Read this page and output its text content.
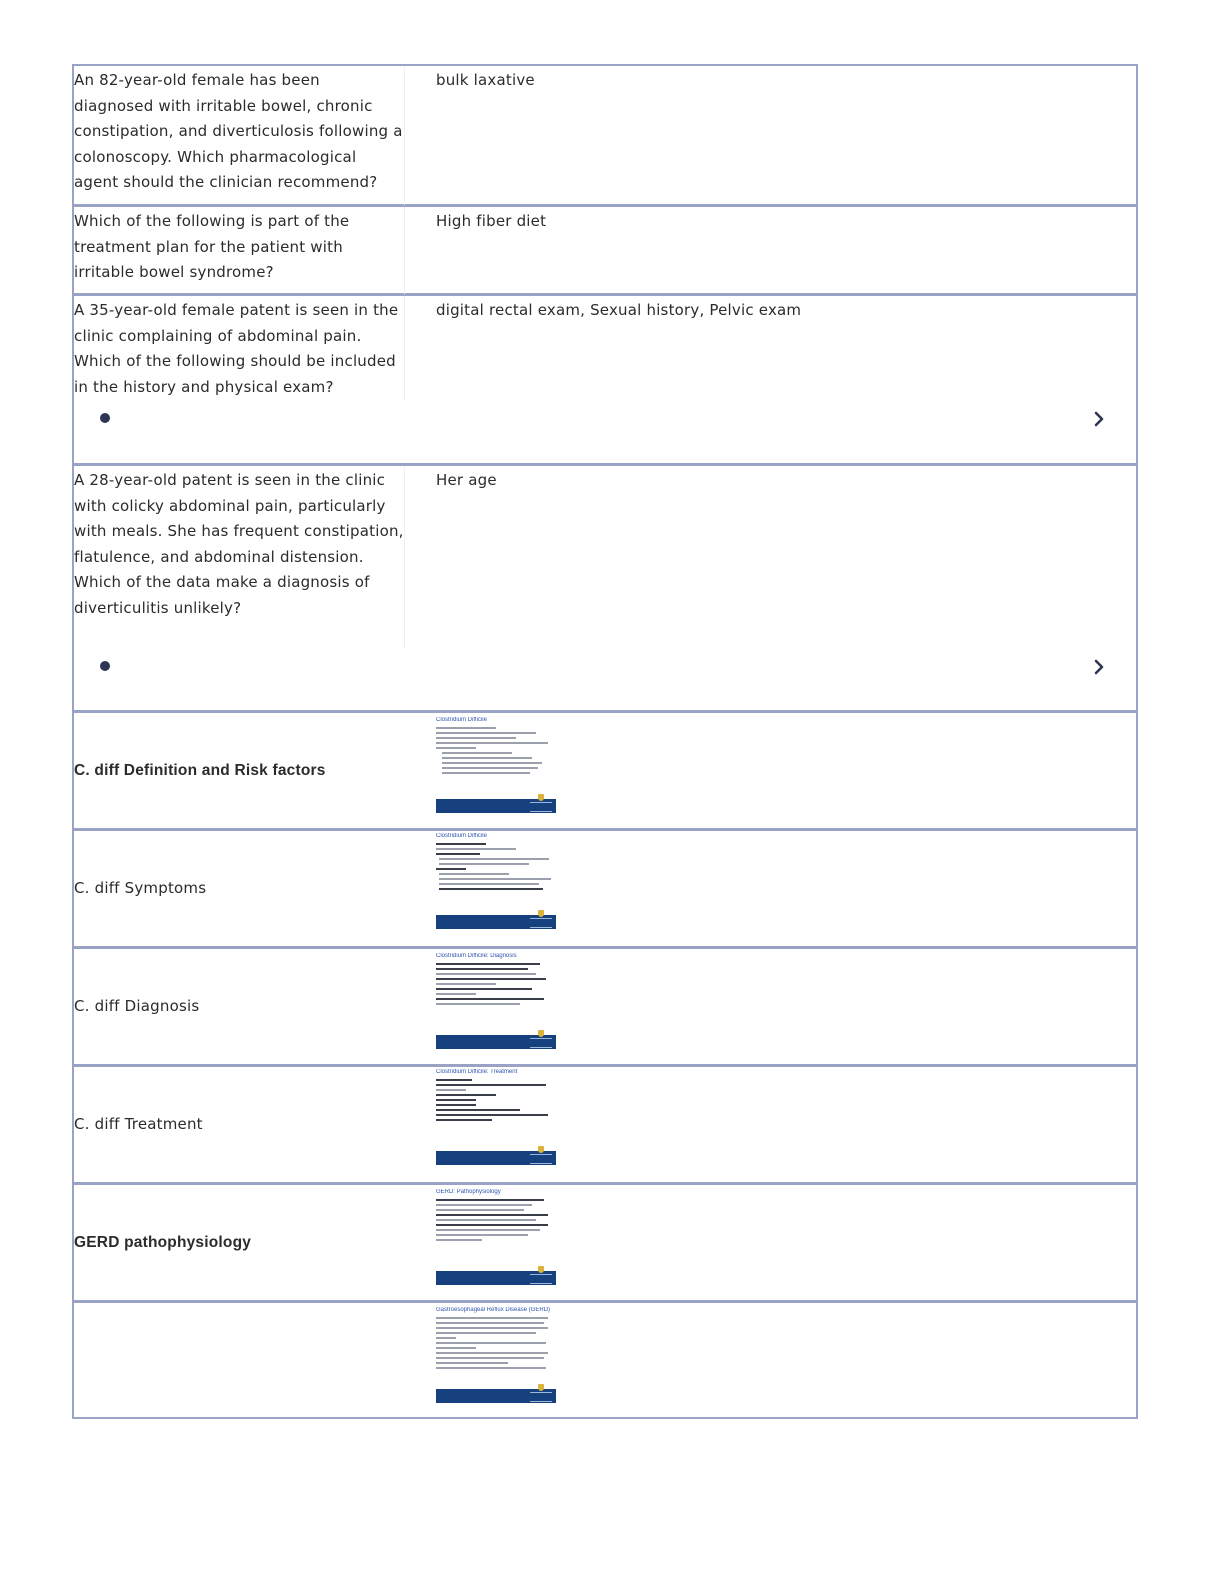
An 82-year-old female has been diagnosed with irritable bowel, chronic constipation, and diverticulosis following a colonoscopy. Which pharmacological agent should the clinician recommend?
bulk laxative
Which of the following is part of the treatment plan for the patient with irritable bowel syndrome?
High fiber diet
A 35-year-old female patent is seen in the clinic complaining of abdominal pain. Which of the following should be included in the history and physical exam?
digital rectal exam, Sexual history, Pelvic exam
A 28-year-old patent is seen in the clinic with colicky abdominal pain, particularly with meals. She has frequent constipation, flatulence, and abdominal distension. Which of the data make a diagnosis of diverticulitis unlikely?
Her age
C. diff Definition and Risk factors
Clostridium Difficile
C. diff Symptoms
Clostridium Difficile
C. diff Diagnosis
Clostridium Difficile: Diagnosis
C. diff Treatment
Clostridium Difficile: Treatment
GERD pathophysiology
GERD: Pathophysiology
Gastroesophageal Reflux Disease (GERD)
